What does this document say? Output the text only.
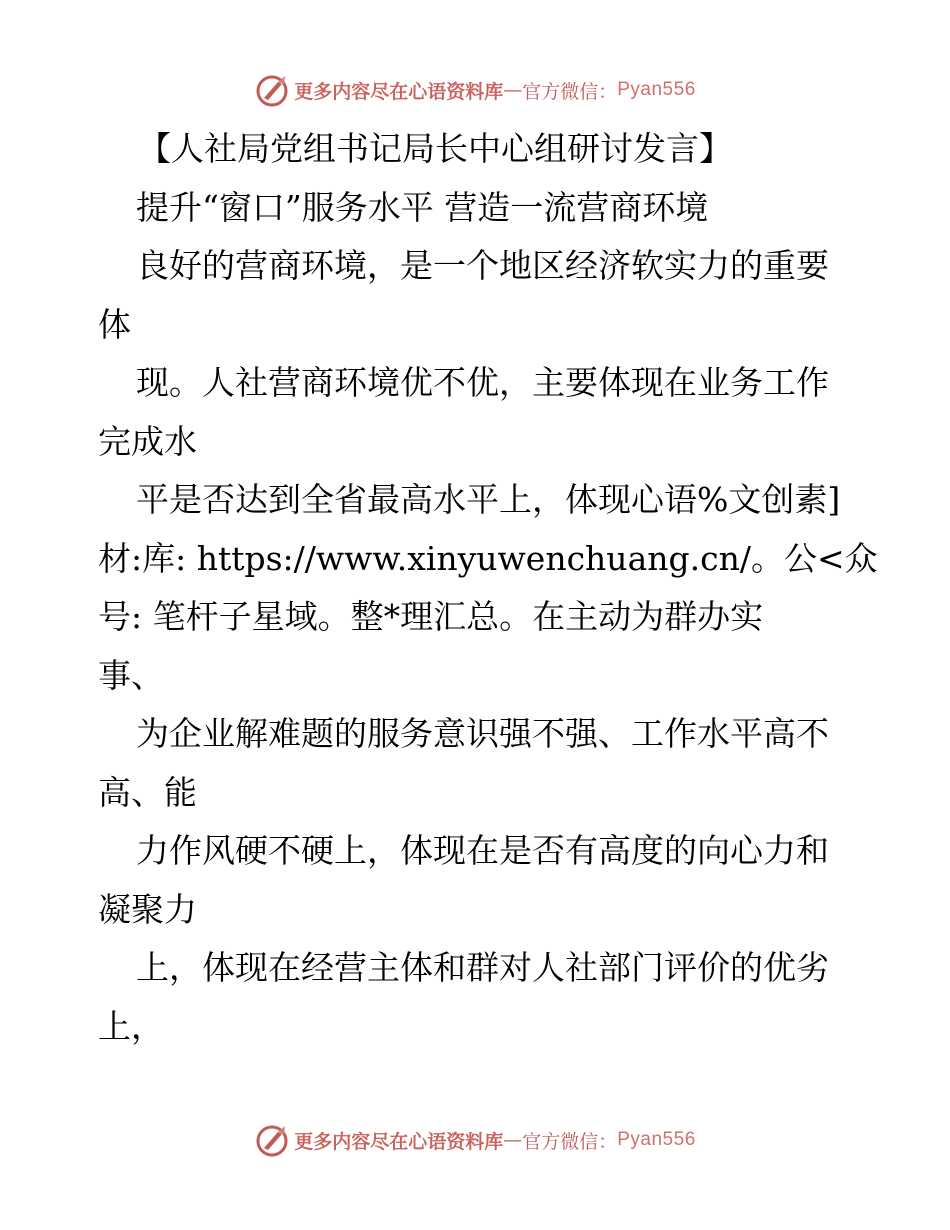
更多内容尽在心语资料库 — 官方微信： Pyan556
【人社局党组书记局长中心组研讨发言】
提升“窗口”服务水平 营造一流营商环境
良好的营商环境，是一个地区经济软实力的重要
体
现。人社营商环境优不优，主要体现在业务工作
完成水
平是否达到全省最高水平上，体现心语%文创素]
材:库: https://www.xinyuwenchuang.cn/。公<众
号: 笔杆子星域。整*理汇总。在主动为群办实
事、
为企业解难题的服务意识强不强、工作水平高不
高、能
力作风硬不硬上，体现在是否有高度的向心力和
凝聚力
上，体现在经营主体和群对人社部门评价的优劣
上，
更多内容尽在心语资料库 — 官方微信： Pyan556
